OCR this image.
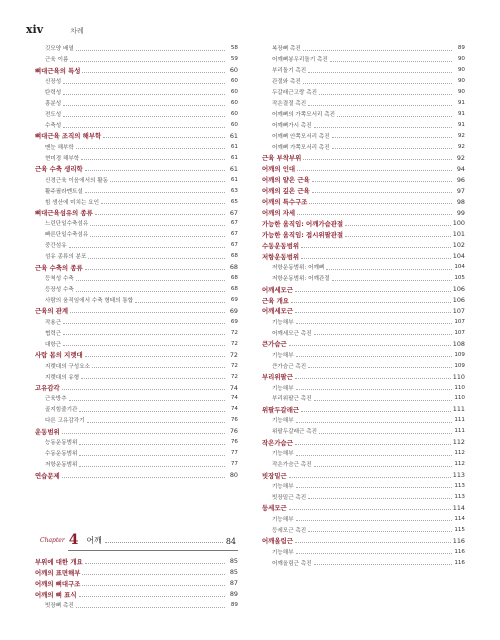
xiv	차례
깃모양 배열	58
근육 이름	59
뼈대근육의 특성	60
신장성	60
탄력성	60
흥분성	60
전도성	60
수축성	60
뼈대근육 조직의 해부학	61
맨눈 해부학	61
현미경 해부학	61
근육 수축 생리학	61
신경근육 이음에서의 활동	61
활주필라멘트설	63
힘 생산에 미치는 요인	65
뼈대근육섬유의 종류	67
느린단일수축섬유	67
빠른단일수축섬유	67
중간섬유	67
섬유 종류의 분포	68
근육 수축의 종류	68
등척성 수축	68
등장성 수축	68
사람의 움직임에서 수축 형태의 통합	69
근육의 관계	69
작용근	69
협력근	72
대항근	72
사람 몸의 지렛대	72
지렛대의 구성요소	72
지렛대의 유형	72
고유감각	74
근육방추	74
골지힘줄기관	74
다른 고유감각기	76
운동범위	76
능동운동범위	76
수동운동범위	77
저항운동범위	77
연습문제	80
Chapter 4 어깨	84
부위에 대한 개요	85
어깨의 표면해부	85
어깨의 뼈대구조	87
어깨의 뼈 표식	89
빗장뼈 촉진	89
복장뼈 촉진	89
어깨뼈봉우리돌기 촉진	90
부리돌기 촉진	90
관절와 촉진	90
두갈래근고랑 촉진	90
작은결절 촉진	91
어깨뼈의 가쪽모서리 촉진	91
어깨뼈가시 촉진	91
어깨뼈 안쪽모서리 촉진	92
어깨뼈 가쪽모서리 촉진	92
근육 부착부위	92
어깨의 인대	94
어깨의 얕은 근육	96
어깨의 깊은 근육	97
어깨의 특수구조	98
어깨의 자세	99
가능한 움직임: 어깨가슴관절	100
가능한 움직임: 접시위팔관절	101
수동운동범위	102
저항운동범위	104
저항운동범위: 어깨뼈	104
저항운동범위: 어깨관절	105
어깨세모근	106
근육 개요	106
어깨세모근	107
기능해부	107
어깨세모근 촉진	107
큰가슴근	108
기능해부	109
큰가슴근 촉진	109
부리위팔근	110
기능해부	110
부리위팔근 촉진	110
위팔두갈래근	111
기능해부	111
위팔두갈래근 촉진	111
작은가슴근	112
기능해부	112
작은가슴근 촉진	112
빗장밑근	113
기능해부	113
빗장밑근 촉진	113
등세모근	114
기능해부	114
등세모근 촉진	115
어깨올림근	116
기능해부	116
어깨올림근 촉진	116
